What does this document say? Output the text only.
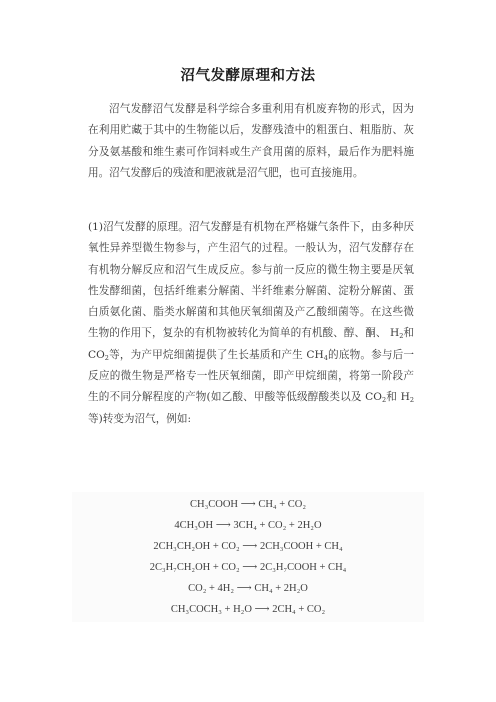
沼气发酵原理和方法

沼气发酵沼气发酵是科学综合多重利用有机废弃物的形式，因为在利用贮藏于其中的生物能以后，发酵残渣中的粗蛋白、粗脂肪、灰分及氨基酸和维生素可作饲料或生产食用菌的原料，最后作为肥料施用。沼气发酵后的残渣和肥液就是沼气肥，也可直接施用。

(1)沼气发酵的原理。沼气发酵是有机物在严格嫌气条件下，由多种厌氧性异养型微生物参与，产生沼气的过程。一般认为，沼气发酵存在有机物分解反应和沼气生成反应。参与前一反应的微生物主要是厌氧性发酵细菌，包括纤维素分解菌、半纤维素分解菌、淀粉分解菌、蛋白质氨化菌、脂类水解菌和其他厌氧细菌及产乙酸细菌等。在这些微生物的作用下，复杂的有机物被转化为简单的有机酸、醇、酮、 $H_2$和 $CO_2$等，为产甲烷细菌提供了生长基质和产生 $CH_4$的底物。参与后一反应的微生物是严格专一性厌氧细菌，即产甲烷细菌，将第一阶段产生的不同分解程度的产物(如乙酸、甲酸等低级醇酸类以及 $CO_2$和 $H_2$等)转变为沼气，例如:

CH₃COOH ⟶ CH₄ + CO₂
4CH₃OH ⟶ 3CH₄ + CO₂ + 2H₂O
2CH₃CH₂OH + CO₂ ⟶ 2CH₃COOH + CH₄
2C₃H₇CH₂OH + CO₂ ⟶ 2C₃H₇COOH + CH₄
CO₂ + 4H₂ ⟶ CH₄ + 2H₂O
CH₃COCH₃ + H₂O ⟶ 2CH₄ + CO₂
